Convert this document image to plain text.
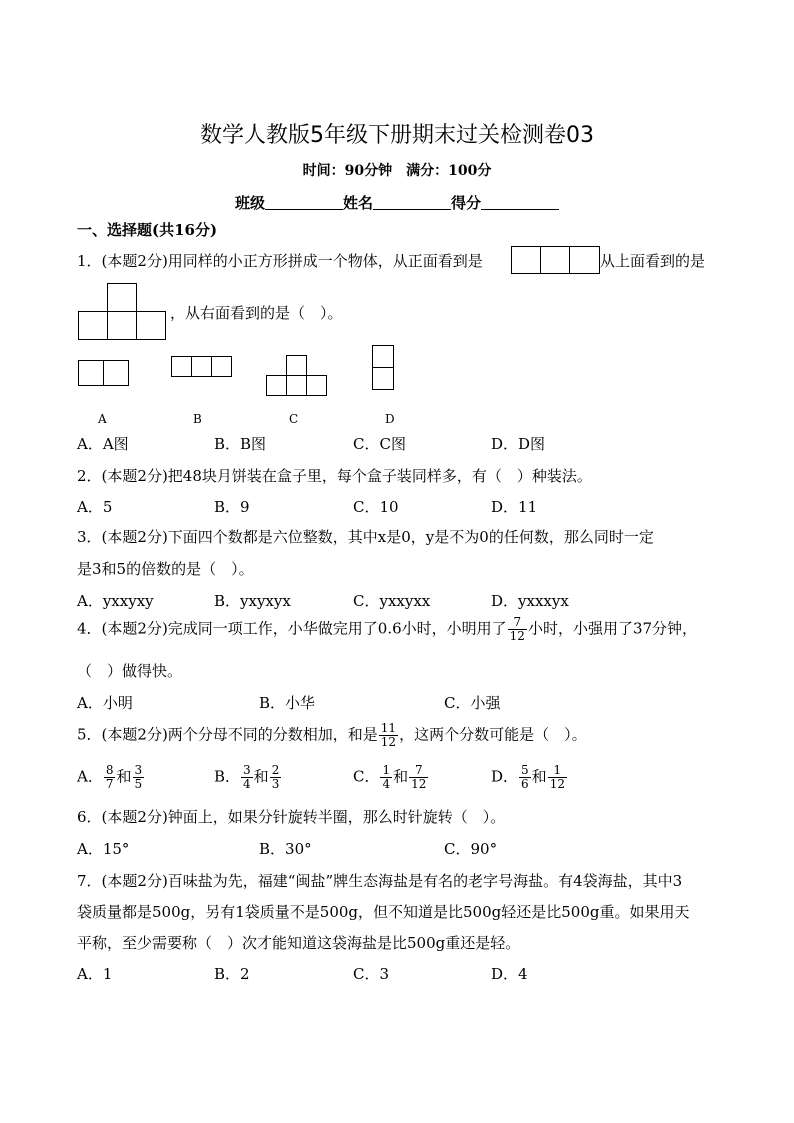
数学人教版5年级下册期末过关检测卷03
时间：90分钟　满分：100分
班级	姓名	得分
一、选择题(共16分)
1．(本题2分)用同样的小正方形拼成一个物体，从正面看到是	从上面看到的是
，从右面看到的是（　）。
A	B	C	D
A．A图	B．B图	C．C图	D．D图
2．(本题2分)把48块月饼装在盒子里，每个盒子装同样多，有（　）种装法。
A．5	B．9	C．10	D．11
3．(本题2分)下面四个数都是六位整数，其中x是0，y是不为0的任何数，那么同时一定
是3和5的倍数的是（　）。
A．yxxyxy	B．yxyxyx	C．yxxyxx	D．yxxxyx
4．(本题2分)完成同一项工作，小华做完用了0.6小时，小明用了 $\frac{7}{12}$ 小时，小强用了37分钟，
（　）做得快。
A．小明	B．小华	C．小强
5．(本题2分)两个分母不同的分数相加，和是 $\frac{11}{12}$ ，这两个分数可能是（　）。
A． $\frac{8}{7}$ 和 $\frac{3}{5}$	B． $\frac{3}{4}$ 和 $\frac{2}{3}$	C． $\frac{1}{4}$ 和 $\frac{7}{12}$	D． $\frac{5}{6}$ 和 $\frac{1}{12}$
6．(本题2分)钟面上，如果分针旋转半圈，那么时针旋转（　）。
A．15°	B．30°	C．90°
7．(本题2分)百味盐为先，福建“闽盐”牌生态海盐是有名的老字号海盐。有4袋海盐，其中3
袋质量都是500g，另有1袋质量不是500g，但不知道是比500g轻还是比500g重。如果用天
平称，至少需要称（　）次才能知道这袋海盐是比500g重还是轻。
A．1	B．2	C．3	D．4
